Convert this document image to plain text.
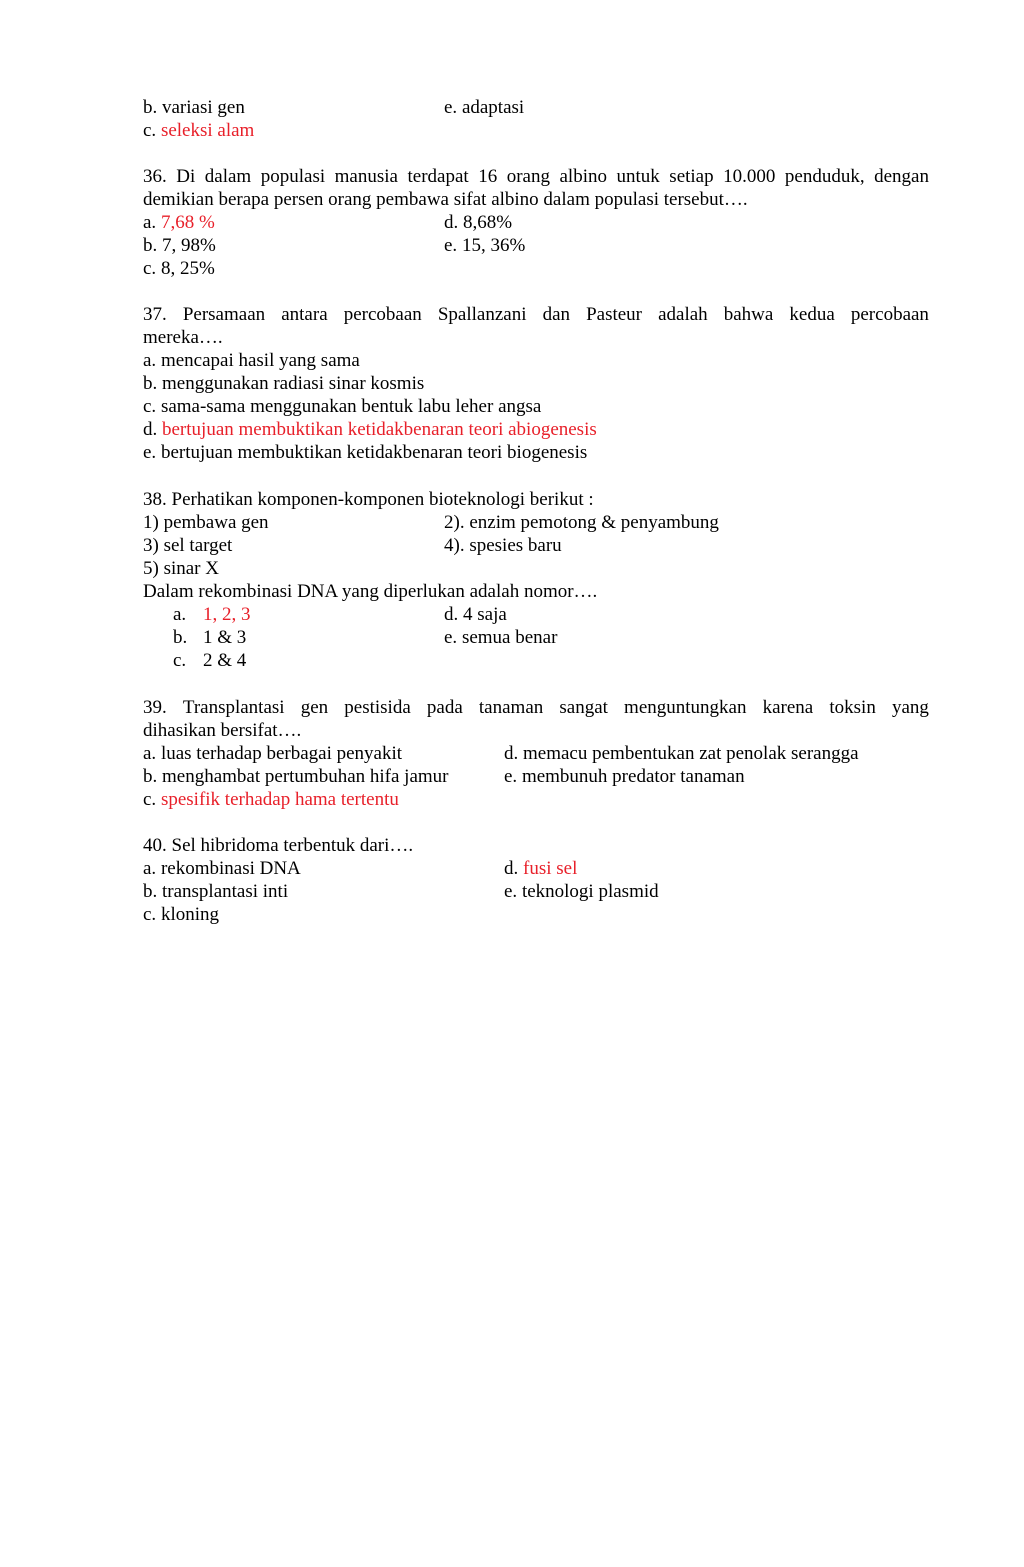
b. variasi gen	e. adaptasi
c. seleksi alam
36. Di dalam populasi manusia terdapat 16 orang albino untuk setiap 10.000 penduduk, dengan
demikian berapa persen orang pembawa sifat albino dalam populasi tersebut….
a. 7,68 %	d. 8,68%
b. 7, 98%	e. 15, 36%
c. 8, 25%
37. Persamaan antara percobaan Spallanzani dan Pasteur adalah bahwa kedua percobaan
mereka….
a. mencapai hasil yang sama
b. menggunakan radiasi sinar kosmis
c. sama-sama menggunakan bentuk labu leher angsa
d. bertujuan membuktikan ketidakbenaran teori abiogenesis
e. bertujuan membuktikan ketidakbenaran teori biogenesis
38. Perhatikan komponen-komponen bioteknologi berikut :
1) pembawa gen	2). enzim pemotong & penyambung
3) sel target	4). spesies baru
5) sinar X
Dalam rekombinasi DNA yang diperlukan adalah nomor….
a. 1, 2, 3	d. 4 saja
b. 1 & 3	e. semua benar
c. 2 & 4
39. Transplantasi gen pestisida pada tanaman sangat menguntungkan karena toksin yang
dihasikan bersifat….
a. luas terhadap berbagai penyakit	d. memacu pembentukan zat penolak serangga
b. menghambat pertumbuhan hifa jamur	e. membunuh predator tanaman
c. spesifik terhadap hama tertentu
40. Sel hibridoma terbentuk dari….
a. rekombinasi DNA	d. fusi sel
b. transplantasi inti	e. teknologi plasmid
c. kloning
